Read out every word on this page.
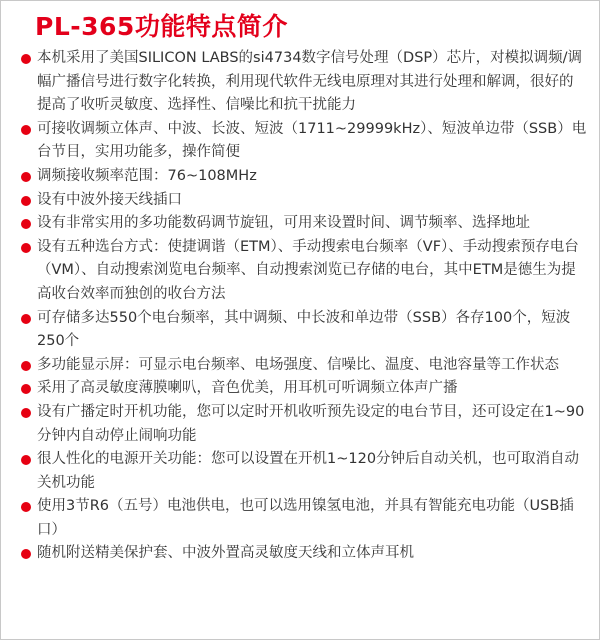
PL-365功能特点简介
本机采用了美国SILICON LABS的si4734数字信号处理（DSP）芯片，对模拟调频/调幅广播信号进行数字化转换，利用现代软件无线电原理对其进行处理和解调，很好的提高了收听灵敏度、选择性、信噪比和抗干扰能力
可接收调频立体声、中波、长波、短波（1711~29999kHz）、短波单边带（SSB）电台节目，实用功能多，操作简便
调频接收频率范围：76~108MHz
设有中波外接天线插口
设有非常实用的多功能数码调节旋钮，可用来设置时间、调节频率、选择地址
设有五种选台方式：使捷调谐（ETM）、手动搜索电台频率（VF）、手动搜索预存电台（VM）、自动搜索浏览电台频率、自动搜索浏览已存储的电台，其中ETM是德生为提高收台效率而独创的收台方法
可存储多达550个电台频率，其中调频、中长波和单边带（SSB）各存100个，短波250个
多功能显示屏：可显示电台频率、电场强度、信噪比、温度、电池容量等工作状态
采用了高灵敏度薄膜喇叭，音色优美，用耳机可听调频立体声广播
设有广播定时开机功能，您可以定时开机收听预先设定的电台节目，还可设定在1~90分钟内自动停止闹响功能
很人性化的电源开关功能：您可以设置在开机1~120分钟后自动关机，也可取消自动关机功能
使用3节R6（五号）电池供电，也可以选用镍氢电池，并具有智能充电功能（USB插口）
随机附送精美保护套、中波外置高灵敏度天线和立体声耳机
